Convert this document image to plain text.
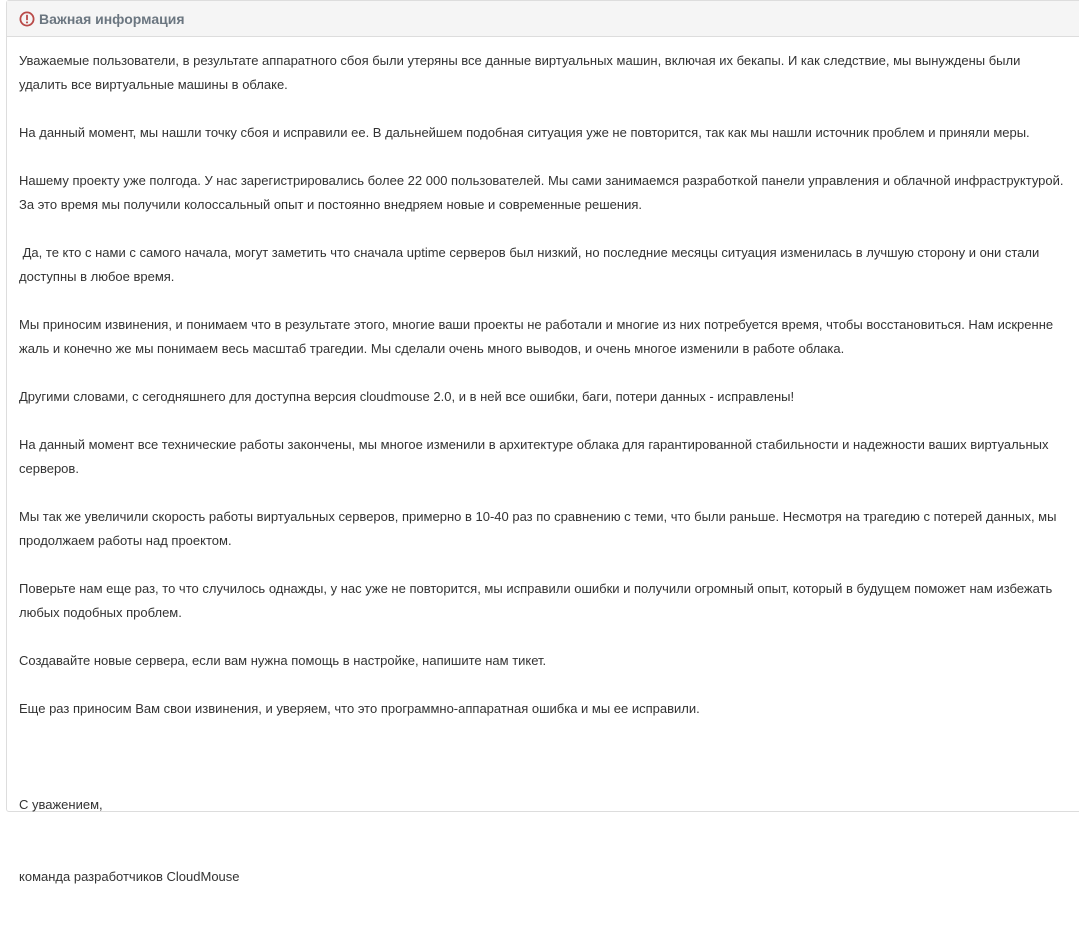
Важная информация

Уважаемые пользователи, в результате аппаратного сбоя были утеряны все данные виртуальных машин, включая их бекапы. И как следствие, мы вынуждены были удалить все виртуальные машины в облаке.

На данный момент, мы нашли точку сбоя и исправили ее. В дальнейшем подобная ситуация уже не повторится, так как мы нашли источник проблем и приняли меры.

Нашему проекту уже полгода. У нас зарегистрировались более 22 000 пользователей. Мы сами занимаемся разработкой панели управления и облачной инфраструктурой. За это время мы получили колоссальный опыт и постоянно внедряем новые и современные решения.

Да, те кто с нами с самого начала, могут заметить что сначала uptime серверов был низкий, но последние месяцы ситуация изменилась в лучшую сторону и они стали доступны в любое время.

Мы приносим извинения, и понимаем что в результате этого, многие ваши проекты не работали и многие из них потребуется время, чтобы восстановиться. Нам искренне жаль и конечно же мы понимаем весь масштаб трагедии. Мы сделали очень много выводов, и очень многое изменили в работе облака.

Другими словами, с сегодняшнего для доступна версия cloudmouse 2.0, и в ней все ошибки, баги, потери данных - исправлены!

На данный момент все технические работы закончены, мы многое изменили в архитектуре облака для гарантированной стабильности и надежности ваших виртуальных серверов.

Мы так же увеличили скорость работы виртуальных серверов, примерно в 10-40 раз по сравнению с теми, что были раньше. Несмотря на трагедию с потерей данных, мы продолжаем работы над проектом.

Поверьте нам еще раз, то что случилось однажды, у нас уже не повторится, мы исправили ошибки и получили огромный опыт, который в будущем поможет нам избежать любых подобных проблем.

Создавайте новые сервера, если вам нужна помощь в настройке, напишите нам тикет.

Еще раз приносим Вам свои извинения, и уверяем, что это программно-аппаратная ошибка и мы ее исправили.

С уважением,

команда разработчиков CloudMouse
